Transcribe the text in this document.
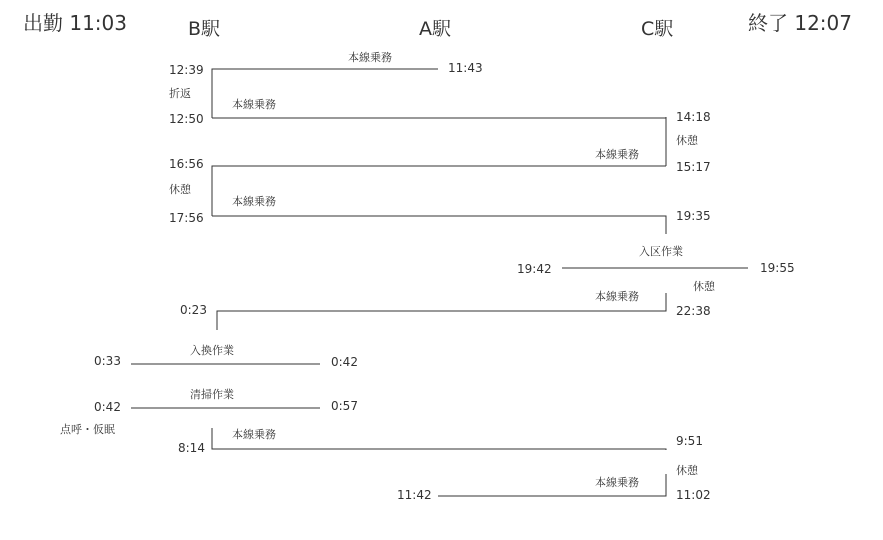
出勤 11:03	終了 12:07
B駅	A駅	C駅
12:39	11:43
12:50	14:18
15:17
16:56
17:56	19:35
19:42	19:55
0:23	22:38
0:33	0:42
0:42	0:57
8:14	9:51
11:42	11:02
本線乗務
本線乗務
本線乗務
本線乗務
入区作業
本線乗務
入換作業
清掃作業
本線乗務
本線乗務
折返
休憩
休憩
休憩
点呼・仮眠
休憩
